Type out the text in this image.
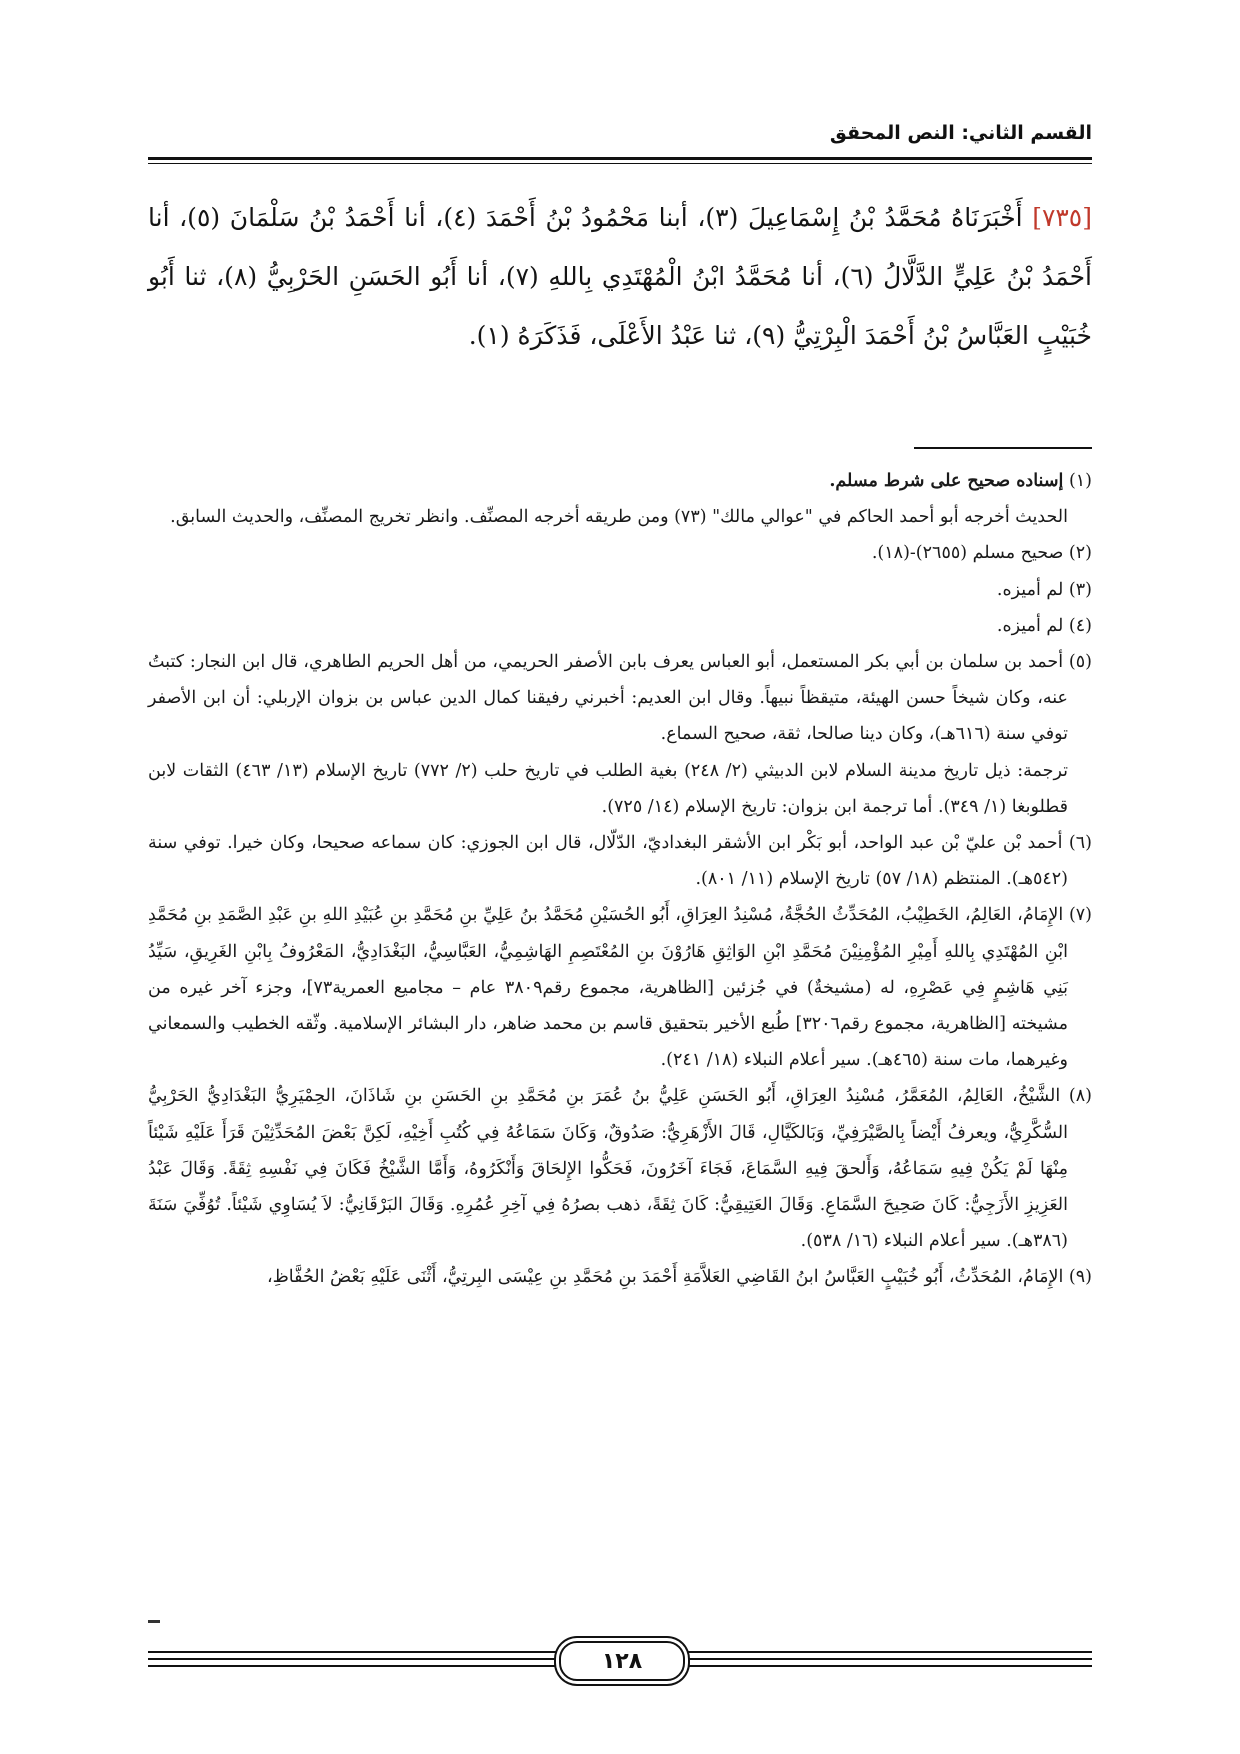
القسم الثاني: النص المحقق
[٧٣٥] أَخْبَرَنَاهُ مُحَمَّدُ بْنُ إِسْمَاعِيلَ (٣)، أبنا مَحْمُودُ بْنُ أَحْمَدَ (٤)، أنا أَحْمَدُ بْنُ سَلْمَانَ (٥)، أنا أَحْمَدُ بْنُ عَلِيٍّ الدَّلَّالُ (٦)، أنا مُحَمَّدُ ابْنُ الْمُهْتَدِي بِاللهِ (٧)، أنا أَبُو الحَسَنِ الحَرْبِيُّ (٨)، ثنا أَبُو خُبَيْبٍ العَبَّاسُ بْنُ أَحْمَدَ الْبِرْتِيُّ (٩)، ثنا عَبْدُ الأَعْلَى، فَذَكَرَهُ (١).

(١) إسناده صحيح على شرط مسلم.

الحديث أخرجه أبو أحمد الحاكم في "عوالي مالك" (٧٣) ومن طريقه أخرجه المصنِّف. وانظر تخريج المصنِّف، والحديث السابق.

(٢) صحيح مسلم (٢٦٥٥)-(١٨).

(٣) لم أميزه.

(٤) لم أميزه.

(٥) أحمد بن سلمان بن أبي بكر المستعمل، أبو العباس يعرف بابن الأصفر الحريمي، من أهل الحريم الطاهري، قال ابن النجار: كتبتُ عنه، وكان شيخاً حسن الهيئة، متيقظاً نبيهاً. وقال ابن العديم: أخبرني رفيقنا كمال الدين عباس بن بزوان الإربلي: أن ابن الأصفر توفي سنة (٦١٦هـ)، وكان دينا صالحا، ثقة، صحيح السماع.

ترجمة: ذيل تاريخ مدينة السلام لابن الدبيثي (٢/ ٢٤٨) بغية الطلب في تاريخ حلب (٢/ ٧٧٢) تاريخ الإسلام (١٣/ ٤٦٣) الثقات لابن قطلوبغا (١/ ٣٤٩). أما ترجمة ابن بزوان: تاريخ الإسلام (١٤/ ٧٢٥).

(٦) أحمد بْن عليّ بْن عبد الواحد، أبو بَكْر ابن الأشقر البغداديّ، الدّلّال، قال ابن الجوزي: كان سماعه صحيحا، وكان خيرا. توفي سنة (٥٤٢هـ). المنتظم (١٨/ ٥٧) تاريخ الإسلام (١١/ ٨٠١).

(٧) الإِمَامُ، العَالِمُ، الخَطِيْبُ، المُحَدِّثُ الحُجَّةُ، مُسْنِدُ العِرَاقِ، أَبُو الحُسَيْنِ مُحَمَّدُ بنُ عَلِيِّ بنِ مُحَمَّدِ بنِ عُبَيْدِ اللهِ بنِ عَبْدِ الصَّمَدِ بنِ مُحَمَّدِ ابْنِ المُهْتَدِي بِاللهِ أَمِيْرِ المُؤْمِنِيْنَ مُحَمَّدِ ابْنِ الوَاثِقِ هَارُوْنَ بنِ المُعْتَصِمِ الهَاشِمِيُّ، العَبَّاسِيُّ، البَغْدَادِيُّ، المَعْرُوفُ بِابْنِ الغَرِيقِ، سَيِّدُ بَنِي هَاشِمٍ فِي عَصْرِهِ، له (مشيخةٌ) في جُزئين [الظاهرية، مجموع رقم٣٨٠٩ عام – مجاميع العمرية٧٣]، وجزء آخر غيره من مشيخته [الظاهرية، مجموع رقم٣٢٠٦] طُبع الأخير بتحقيق قاسم بن محمد ضاهر، دار البشائر الإسلامية. وثّقه الخطيب والسمعاني وغيرهما، مات سنة (٤٦٥هـ). سير أعلام النبلاء (١٨/ ٢٤١).

(٨) الشَّيْخُ، العَالِمُ، المُعَمَّرُ، مُسْنِدُ العِرَاقِ، أَبُو الحَسَنِ عَلِيُّ بنُ عُمَرَ بنِ مُحَمَّدِ بنِ الحَسَنِ بنِ شَاذَانَ، الحِمْيَرِيُّ البَغْدَادِيُّ الحَرْبِيُّ السُّكَّرِيُّ، ويعرفُ أَيْضاً بِالصَّيْرَفِيِّ، وَبَالكَيَّالِ، قَالَ الأَزْهَرِيُّ: صَدُوقٌ، وَكَانَ سَمَاعُهُ فِي كُتُبِ أَخِيْهِ، لَكِنَّ بَعْضَ المُحَدِّثِيْنَ قَرَأَ عَلَيْهِ شَيْئاً مِنْهَا لَمْ يَكُنْ فِيهِ سَمَاعُهُ، وَأَلحقَ فِيهِ السَّمَاعَ، فَجَاءَ آخَرُونَ، فَحَكُّوا الإِلحَاقَ وَأَنْكَرُوهُ، وَأَمَّا الشَّيْخُ فَكَانَ فِي نَفْسِهِ ثِقَةً. وَقَالَ عَبْدُ العَزِيزِ الأَزَجِيُّ: كَانَ صَحِيحَ السَّمَاعِ. وَقَالَ العَتِيقِيُّ: كَانَ ثِقَةً، ذهب بصرُهُ فِي آخِرِ عُمُرِهِ. وَقَالَ البَرْقَانِيُّ: لاَ يُسَاوِي شَيْئاً. تُوُفِّيَ سَنَةَ (٣٨٦هـ). سير أعلام النبلاء (١٦/ ٥٣٨).

(٩) الإِمَامُ، المُحَدِّثُ، أَبُو خُبَيْبٍ العَبَّاسُ ابنُ القَاضِي العَلاَّمَةِ أَحْمَدَ بنِ مُحَمَّدِ بنِ عِيْسَى البِرتِيُّ، أَثْنَى عَلَيْهِ بَعْضُ الحُفَّاظِ،

١٢٨
